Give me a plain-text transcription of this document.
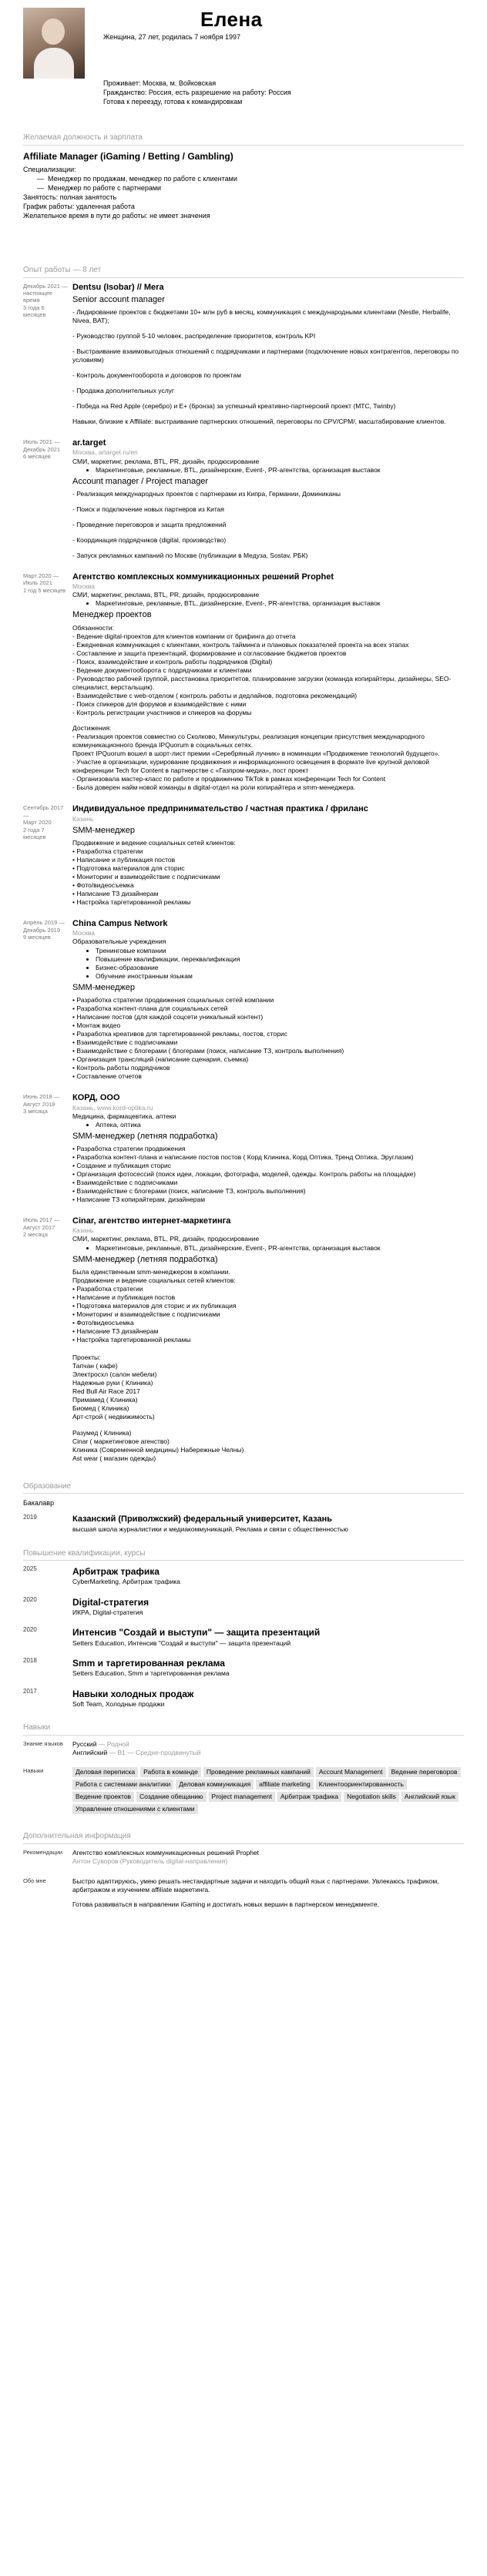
Елена
Женщина, 27 лет, родилась 7 ноября 1997
Проживает: Москва, м. Войковская
Гражданство: Россия, есть разрешение на работу: Россия
Готова к переезду, готова к командировкам
Желаемая должность и зарплата
Affiliate Manager (iGaming / Betting / Gambling)
Специализации:
— Менеджер по продажам, менеджер по работе с клиентами
— Менеджер по работе с партнерами
Занятость: полная занятость
График работы: удаленная работа
Желательное время в пути до работы: не имеет значения
Опыт работы — 8 лет
Декабрь 2021 —
настоящее время
3 года 6 месяцев
Dentsu (Isobar) // Mera
Senior account manager
- Лидирование проектов с бюджетами 10+ млн руб в месяц, коммуникация с международными клиентами (Nestle, Herbalife, Nivea, BAT);
- Руководство группой 5-10 человек, распределение приоритетов, контроль KPI
- Выстраивание взаимовыгодных отношений с подрядчиками и партнерами (подключение новых контрагентов, переговоры по условиям)
- Контроль документооборота и договоров по проектам
- Продажа дополнительных услуг
- Победа на Red Apple (серебро) и E+ (бронза) за успешный креативно-партнерский проект (MTC, Twinby)
Навыки, близкие к Affiliate: выстраивание партнерских отношений, переговоры по CPV/CPM/, масштабирование клиентов.
Июль 2021 —
Декабрь 2021
6 месяцев
ar.target
Москва, artarget.ru/en
СМИ, маркетинг, реклама, BTL, PR, дизайн, продюсирование
• Маркетинговые, рекламные, BTL, дизайнерские, Event-, PR-агентства, организация выставок
Account manager / Project manager
- Реализация международных проектов с партнерами из Кипра, Германии, Доминиканы
- Поиск и подключение новых партнеров из Китая
- Проведение переговоров и защита предложений
- Координация подрядчиков (digital, производство)
- Запуск рекламных кампаний по Москве (публикации в Медуза, Sostav, РБК)
Март 2020 —
Июль 2021
1 год 5 месяцев
Агентство комплексных коммуникационных решений Prophet
Москва
СМИ, маркетинг, реклама, BTL, PR, дизайн, продюсирование
• Маркетинговые, рекламные, BTL, дизайнерские, Event-, PR-агентства, организация выставок
Менеджер проектов
Обязанности:
- Ведение digital-проектов для клиентов компании от брифинга до отчета
- Ежедневная коммуникация с клиентами, контроль тайминга и плановых показателей проекта на всех этапах
- Составление и защита презентаций, формирование и согласование бюджетов проектов
- Поиск, взаимодействие и контроль работы подрядчиков (Digital)
- Ведение документооборота с подрядчиками и клиентами
- Руководство рабочей группой, расстановка приоритетов, планирование загрузки (команда копирайтеры, дизайнеры, SEO-специалист, верстальщик).
- Взаимодействие с web-отделом ( контроль работы и дедлайнов, подготовка рекомендаций)
- Поиск спикеров для форумов и взаимодействие с ними
- Контроль регистрации участников и спикеров на форумы
Достижения:
- Реализация проектов совместно со Сколково, Минкультуры, реализация концепции присутствия международного коммуникационного бренда IPQuorum в социальных сетях.
Проект IPQuorum вошел в шорт-лист премии «Серебряный лучник» в номинации «Продвижение технологий будущего».
- Участие в организации, курирование продвижения и информационного освещения в формате live крупной деловой конференции Tech for Content в партнерстве с «Газпром-медиа», пост проект
- Организовала мастер-класс по работе и продвижению TikTok в рамках конференции Tech for Content
- Была доверен найм новой команды в digital-отдел на роли копирайтера и smm-менеджера.
Сентябрь 2017 —
Март 2020
2 года 7 месяцев
Индивидуальное предпринимательство / частная практика / фриланс
Казань
SMM-менеджер
Продвижение и ведение социальных сетей клиентов:
• Разработка стратегии
• Написание и публикация постов
• Подготовка материалов для сторис
• Мониторинг и взаимодействие с подписчиками
• Фото/видеосъемка
• Написание ТЗ дизайнерам
• Настройка таргетированной рекламы
Апрель 2019 —
Декабрь 2019
9 месяцев
China Campus Network
Москва
Образовательные учреждения
• Тренинговые компании
• Повышение квалификации, переквалификация
• Бизнес-образование
• Обучение иностранным языкам
SMM-менеджер
• Разработка стратегии продвижения социальных сетей компании
• Разработка контент-плана для социальных сетей
• Написание постов (для каждой соцсети уникальный контент)
• Монтаж видео
• Разработка креативов для таргетированной рекламы, постов, сторис
• Взаимодействие с подписчиками
• Взаимодействие с блогерами ( блогерами (поиск, написание ТЗ, контроль выполнения)
• Организация трансляций (написание сценария, съемка)
• Контроль работы подрядчиков
• Составление отчетов
Июнь 2018 —
Август 2018
3 месяца
КОРД, ООО
Казань, www.kord-optika.ru
Медицина, фармацевтика, аптеки
• Аптека, оптика
SMM-менеджер (летняя подработка)
• Разработка стратегии продвижения
• Разработка контент-плана и написание постов постов ( Корд Клиника, Корд Оптика, Тренд Оптика, Эруглазик)
• Создание и публикация сторис
• Организация фотосессий (поиск идеи, локации, фотографа, моделей, одежды. Контроль работы на площадке)
• Взаимодействие с подписчиками
• Взаимодействие с блогерами (поиск, написание ТЗ, контроль выполнения)
• Написание ТЗ копирайтерам, дизайнерам
Июль 2017 —
Август 2017
2 месяца
Cinar, агентство интернет-маркетинга
Казань
СМИ, маркетинг, реклама, BTL, PR, дизайн, продюсирование
• Маркетинговые, рекламные, BTL, дизайнерские, Event-, PR-агентства, организация выставок
SMM-менеджер (летняя подработка)
Была единственным smm-менеджером в компании.
Продвижение и ведение социальных сетей клиентов:
• Разработка стратегии
• Написание и публикация постов
• Подготовка материалов для сторис и их публикация
• Мониторинг и взаимодействие с подписчиками
• Фото/видеосъемка
• Написание ТЗ дизайнерам
• Настройка таргетированной рекламы
Проекты:
Тапчан ( кафе)
Электросхл (салон мебели)
Надежные руки ( Клиника)
Red Bull Air Race 2017
Примамед ( Клиника)
Биомед ( Клиника)
Арт-строй ( недвижимость)
Разумед ( Клиника)
Сinar ( маркетинговое агенство)
Клиника (Современной медицины) Набережные Челны)
Ast wear ( магазин одежды)
Образование
Бакалавр
2019	Казанский (Приволжский) федеральный университет, Казань
высшая школа журналистики и медиакоммуникаций, Реклама и связи с общественностью
Повышение квалификации, курсы
2025	Арбитраж трафика
CyberMarketing, Арбитраж трафика
2020	Digital-стратегия
ИКРА, Digital-стратегия
2020	Интенсив "Создай и выступи" — защита презентаций
Setters Education, Интенсив "Создай и выступи" — защита презентаций
2018	Smm и таргетированная реклама
Setters Education, Smm и таргетированная реклама
2017	Навыки холодных продаж
Soft Team, Холодные продажи
Навыки
Знание языков	Русский — Родной
Английский — B1 — Средне-продвинутый
Навыки	Деловая переписка	Работа в команде	Проведение рекламных кампаний	Account Management	Ведение переговоров
Работа с системами аналитики	Деловая коммуникация	affiliate marketing	Клиентоориентированность
Ведение проектов	Создание обещанию	Project management	Арбитраж трафика	Negotiation skills	Английский язык
Управление отношениями с клиентами
Дополнительная информация
Рекомендации	Агентство комплексных коммуникационных решений Prophet
Антон Суворов (Руководитель digital-направления)
Обо мне	Быстро адаптируюсь, умею решать нестандартные задачи и находить общий язык с партнерами. Увлекаюсь трафиком, арбитражом и изучением affiliate маркетинга.
Готова развиваться в направлении iGaming и достигать новых вершин в партнерском менеджменте.
